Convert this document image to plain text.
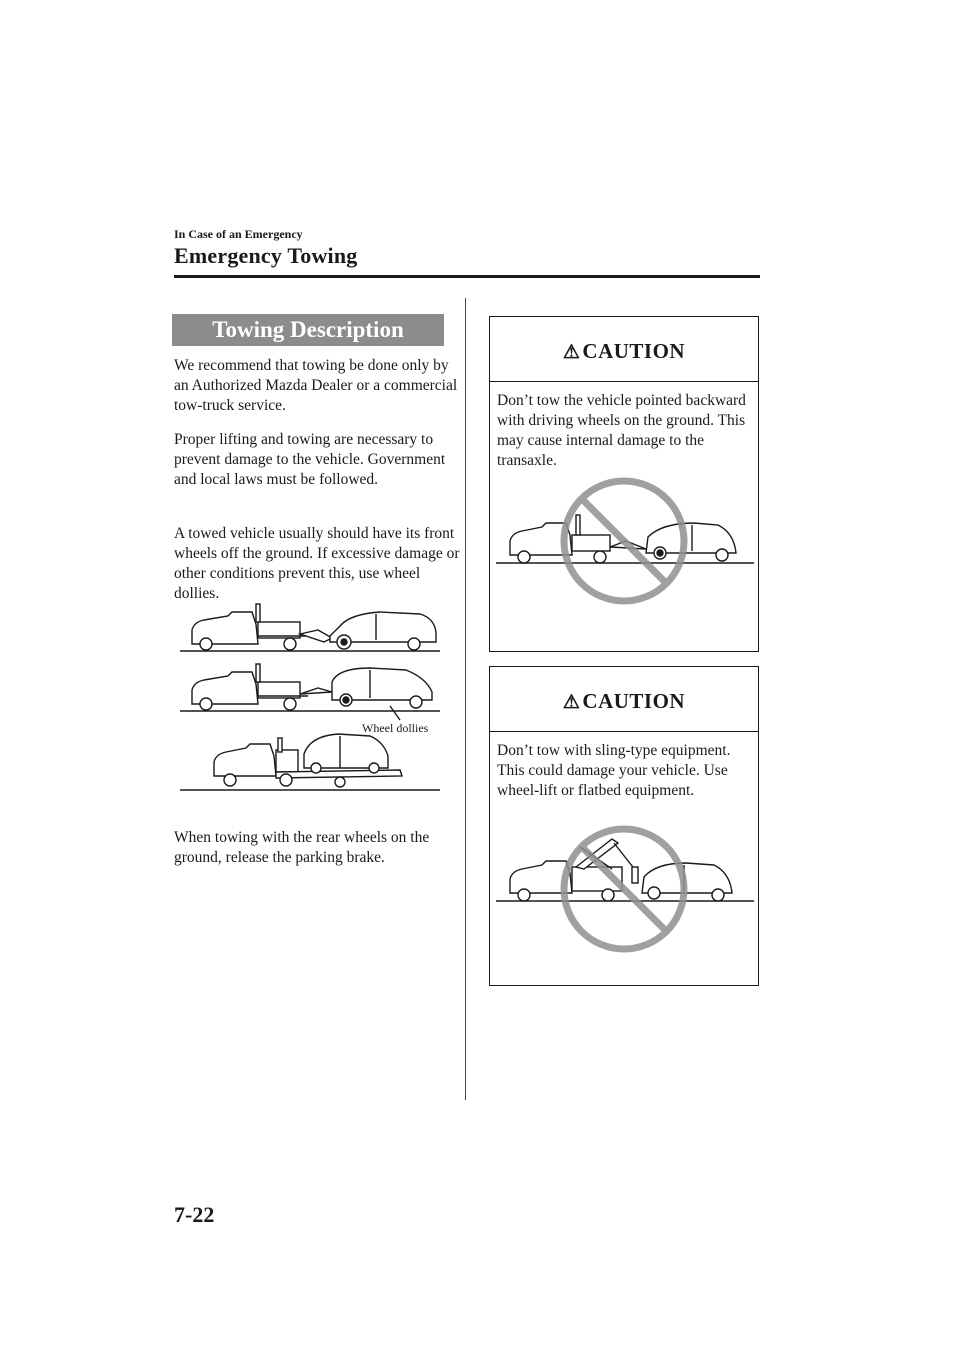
In Case of an Emergency
Emergency Towing
Towing Description
We recommend that towing be done only by an Authorized Mazda Dealer or a commercial tow-truck service.
Proper lifting and towing are necessary to prevent damage to the vehicle. Government and local laws must be followed.
A towed vehicle usually should have its front wheels off the ground. If excessive damage or other conditions prevent this, use wheel dollies.
Wheel dollies
When towing with the rear wheels on the ground, release the parking brake.
⚠CAUTION
Don’t tow the vehicle pointed backward with driving wheels on the ground. This may cause internal damage to the transaxle.
⚠CAUTION
Don’t tow with sling-type equipment. This could damage your vehicle. Use wheel-lift or flatbed equipment.
7-22
